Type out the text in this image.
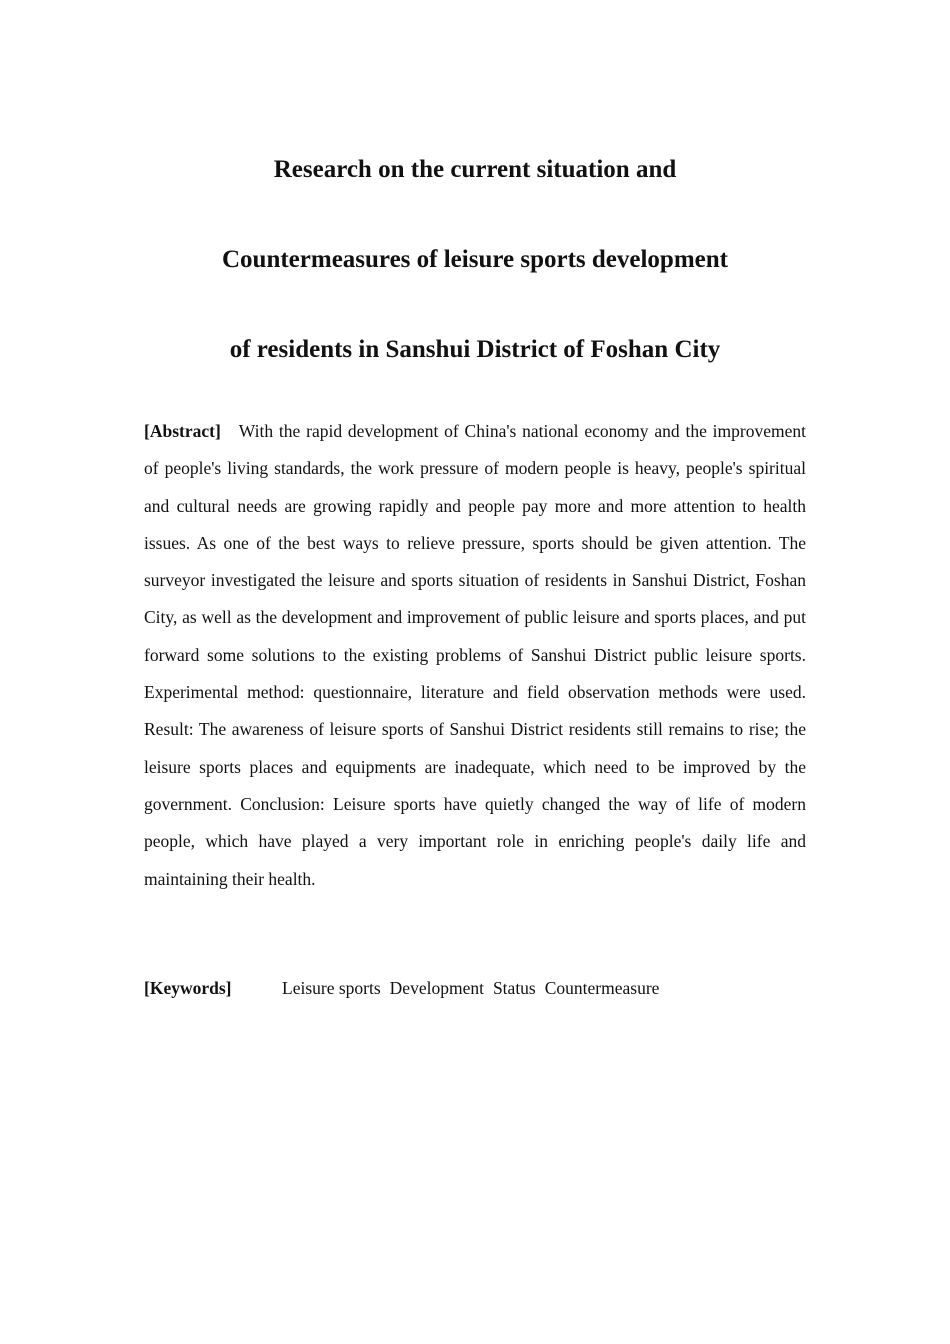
Research on the current situation and
Countermeasures of leisure sports development
of residents in Sanshui District of Foshan City

[Abstract] With the rapid development of China's national economy and the improvement of people's living standards, the work pressure of modern people is heavy, people's spiritual and cultural needs are growing rapidly and people pay more and more attention to health issues. As one of the best ways to relieve pressure, sports should be given attention. The surveyor investigated the leisure and sports situation of residents in Sanshui District, Foshan City, as well as the development and improvement of public leisure and sports places, and put forward some solutions to the existing problems of Sanshui District public leisure sports. Experimental method: questionnaire, literature and field observation methods were used. Result: The awareness of leisure sports of Sanshui District residents still remains to rise; the leisure sports places and equipments are inadequate, which need to be improved by the government. Conclusion: Leisure sports have quietly changed the way of life of modern people, which have played a very important role in enriching people's daily life and maintaining their health.

[Keywords]	Leisure sports Development Status Countermeasure
